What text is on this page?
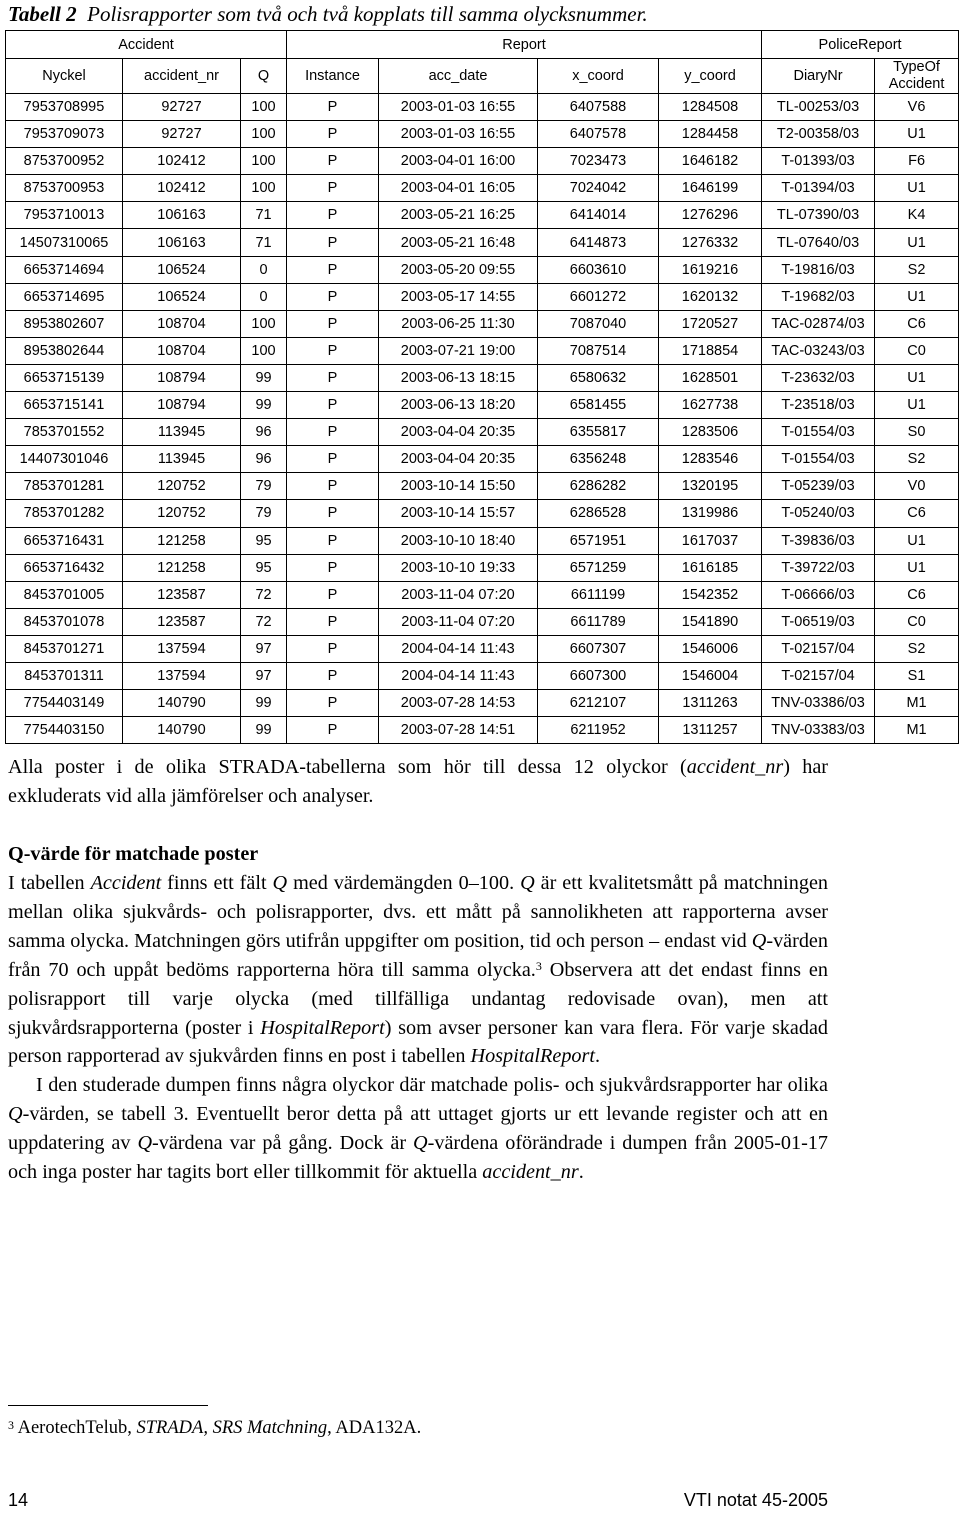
Tabell 2 Polisrapporter som två och två kopplats till samma olycksnummer.
Accident			Report				PoliceReport	
Nyckel	accident_nr	Q	Instance	acc_date	x_coord	y_coord	DiaryNr	TypeOf
Accident
7953708995	92727	100	P	2003-01-03 16:55	6407588	1284508	TL-00253/03	V6
7953709073	92727	100	P	2003-01-03 16:55	6407578	1284458	T2-00358/03	U1
8753700952	102412	100	P	2003-04-01 16:00	7023473	1646182	T-01393/03	F6
8753700953	102412	100	P	2003-04-01 16:05	7024042	1646199	T-01394/03	U1
7953710013	106163	71	P	2003-05-21 16:25	6414014	1276296	TL-07390/03	K4
14507310065	106163	71	P	2003-05-21 16:48	6414873	1276332	TL-07640/03	U1
6653714694	106524	0	P	2003-05-20 09:55	6603610	1619216	T-19816/03	S2
6653714695	106524	0	P	2003-05-17 14:55	6601272	1620132	T-19682/03	U1
8953802607	108704	100	P	2003-06-25 11:30	7087040	1720527	TAC-02874/03	C6
8953802644	108704	100	P	2003-07-21 19:00	7087514	1718854	TAC-03243/03	C0
6653715139	108794	99	P	2003-06-13 18:15	6580632	1628501	T-23632/03	U1
6653715141	108794	99	P	2003-06-13 18:20	6581455	1627738	T-23518/03	U1
7853701552	113945	96	P	2003-04-04 20:35	6355817	1283506	T-01554/03	S0
14407301046	113945	96	P	2003-04-04 20:35	6356248	1283546	T-01554/03	S2
7853701281	120752	79	P	2003-10-14 15:50	6286282	1320195	T-05239/03	V0
7853701282	120752	79	P	2003-10-14 15:57	6286528	1319986	T-05240/03	C6
6653716431	121258	95	P	2003-10-10 18:40	6571951	1617037	T-39836/03	U1
6653716432	121258	95	P	2003-10-10 19:33	6571259	1616185	T-39722/03	U1
8453701005	123587	72	P	2003-11-04 07:20	6611199	1542352	T-06666/03	C6
8453701078	123587	72	P	2003-11-04 07:20	6611789	1541890	T-06519/03	C0
8453701271	137594	97	P	2004-04-14 11:43	6607307	1546006	T-02157/04	S2
8453701311	137594	97	P	2004-04-14 11:43	6607300	1546004	T-02157/04	S1
7754403149	140790	99	P	2003-07-28 14:53	6212107	1311263	TNV-03386/03	M1
7754403150	140790	99	P	2003-07-28 14:51	6211952	1311257	TNV-03383/03	M1

Alla poster i de olika STRADA-tabellerna som hör till dessa 12 olyckor (accident_nr) har exkluderats vid alla jämförelser och analyser.

Q-värde för matchade poster

I tabellen Accident finns ett fält Q med värdemängden 0–100. Q är ett kvalitetsmått på matchningen mellan olika sjukvårds- och polisrapporter, dvs. ett mått på sannolikheten att rapporterna avser samma olycka. Matchningen görs utifrån uppgifter om position, tid och person – endast vid Q-värden från 70 och uppåt bedöms rapporterna höra till samma olycka.$^3$ Observera att det endast finns en polisrapport till varje olycka (med tillfälliga undantag redovisade ovan), men att sjukvårdsrapporterna (poster i HospitalReport) som avser personer kan vara flera. För varje skadad person rapporterad av sjukvården finns en post i tabellen HospitalReport.

I den studerade dumpen finns några olyckor där matchade polis- och sjukvårdsrapporter har olika Q-värden, se tabell 3. Eventuellt beror detta på att uttaget gjorts ur ett levande register och att en uppdatering av Q-värdena var på gång. Dock är Q-värdena oförändrade i dumpen från 2005-01-17 och inga poster har tagits bort eller tillkommit för aktuella accident_nr.

$^3$ AerotechTelub, STRADA, SRS Matchning, ADA132A.
14	VTI notat 45-2005
